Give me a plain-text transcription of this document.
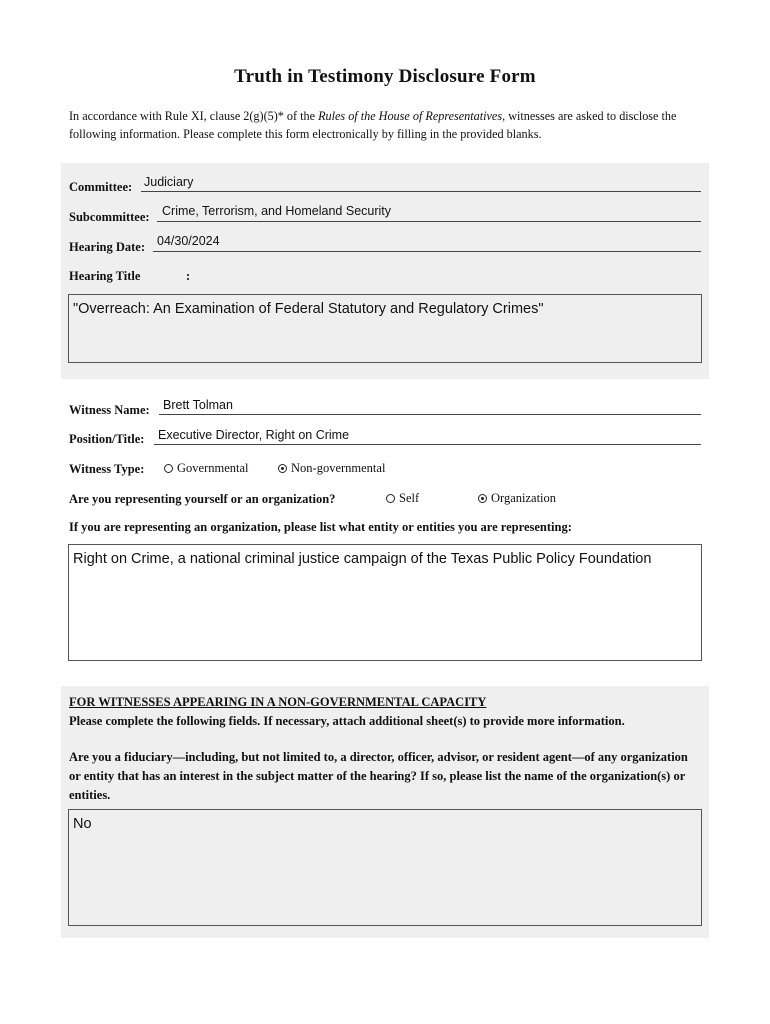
Truth in Testimony Disclosure Form
In accordance with Rule XI, clause 2(g)(5)* of the Rules of the House of Representatives, witnesses are asked to disclose the following information. Please complete this form electronically by filling in the provided blanks.
Committee: Judiciary
Subcommittee: Crime, Terrorism, and Homeland Security
Hearing Date: 04/30/2024
Hearing Title	:
"Overreach: An Examination of Federal Statutory and Regulatory Crimes"
Witness Name: Brett Tolman
Position/Title: Executive Director, Right on Crime
Witness Type:	Governmental	Non-governmental
Are you representing yourself or an organization?	Self	Organization
If you are representing an organization, please list what entity or entities you are representing:
Right on Crime, a national criminal justice campaign of the Texas Public Policy Foundation
FOR WITNESSES APPEARING IN A NON-GOVERNMENTAL CAPACITY
Please complete the following fields. If necessary, attach additional sheet(s) to provide more information.
Are you a fiduciary—including, but not limited to, a director, officer, advisor, or resident agent—of any organization or entity that has an interest in the subject matter of the hearing? If so, please list the name of the organization(s) or entities.
No
